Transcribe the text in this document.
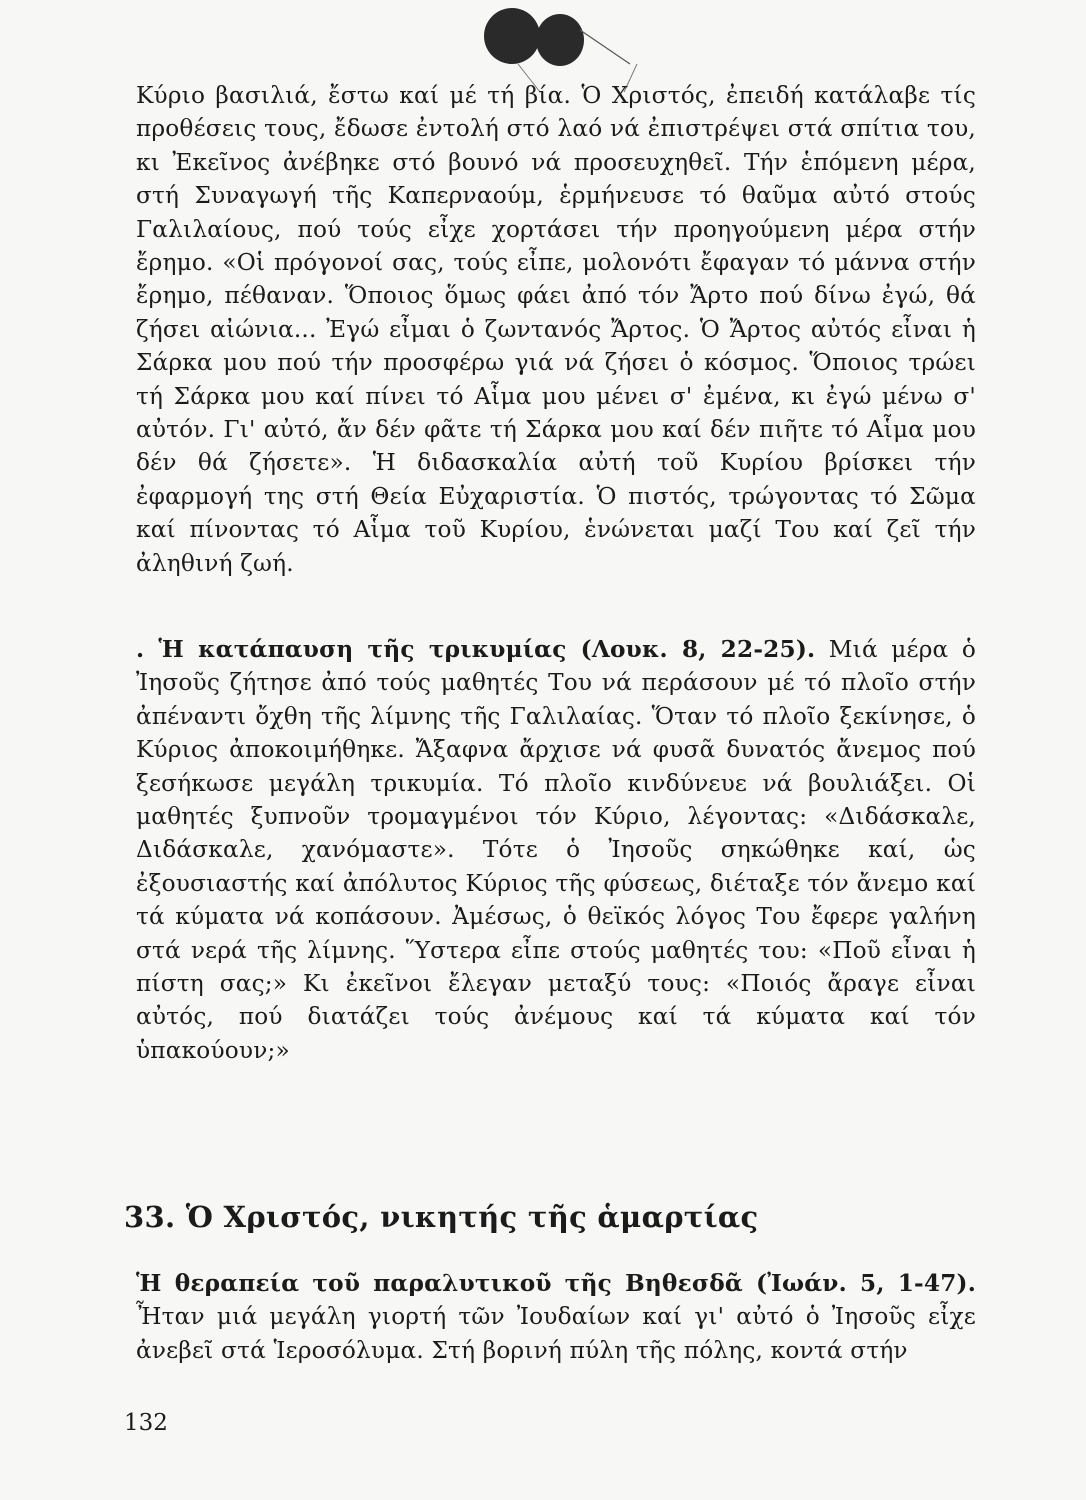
Κύριο βασιλιά, ἔστω καί μέ τή βία. Ὁ Χριστός, ἐπειδή κατάλαβε τίς προθέσεις τους, ἔδωσε ἐντολή στό λαό νά ἐπιστρέψει στά σπίτια του, κι Ἐκεῖνος ἀνέβηκε στό βουνό νά προσευχηθεῖ. Τήν ἑπόμενη μέρα, στή Συναγωγή τῆς Καπερναούμ, ἑρμήνευσε τό θαῦμα αὐτό στούς Γαλιλαίους, πού τούς εἶχε χορτάσει τήν προηγούμενη μέρα στήν ἔρημο. «Οἱ πρόγονοί σας, τούς εἶπε, μολονότι ἔφαγαν τό μάννα στήν ἔρημο, πέθαναν. Ὅποιος ὅμως φάει ἀπό τόν Ἄρτο πού δίνω ἐγώ, θά ζήσει αἰώνια... Ἐγώ εἶμαι ὁ ζωντανός Ἄρτος. Ὁ Ἄρτος αὐτός εἶναι ἡ Σάρκα μου πού τήν προσφέρω γιά νά ζήσει ὁ κόσμος. Ὅποιος τρώει τή Σάρκα μου καί πίνει τό Αἷμα μου μένει σ' ἐμένα, κι ἐγώ μένω σ' αὐτόν. Γι' αὐτό, ἄν δέν φᾶτε τή Σάρκα μου καί δέν πιῆτε τό Αἷμα μου δέν θά ζήσετε». Ἡ διδασκαλία αὐτή τοῦ Κυρίου βρίσκει τήν ἐφαρμογή της στή Θεία Εὐχαριστία. Ὁ πιστός, τρώγοντας τό Σῶμα καί πίνοντας τό Αἷμα τοῦ Κυρίου, ἑνώνεται μαζί Του καί ζεῖ τήν ἀληθινή ζωή.

. Ἡ κατάπαυση τῆς τρικυμίας (Λουκ. 8, 22-25). Μιά μέρα ὁ Ἰησοῦς ζήτησε ἀπό τούς μαθητές Του νά περάσουν μέ τό πλοῖο στήν ἀπέναντι ὄχθη τῆς λίμνης τῆς Γαλιλαίας. Ὅταν τό πλοῖο ξεκίνησε, ὁ Κύριος ἀποκοιμήθηκε. Ἄξαφνα ἄρχισε νά φυσᾶ δυνατός ἄνεμος πού ξεσήκωσε μεγάλη τρικυμία. Τό πλοῖο κινδύνευε νά βουλιάξει. Οἱ μαθητές ξυπνοῦν τρομαγμένοι τόν Κύριο, λέγοντας: «Διδάσκαλε, Διδάσκαλε, χανόμαστε». Τότε ὁ Ἰησοῦς σηκώθηκε καί, ὡς ἐξουσιαστής καί ἀπόλυτος Κύριος τῆς φύσεως, διέταξε τόν ἄνεμο καί τά κύματα νά κοπάσουν. Ἀμέσως, ὁ θεϊκός λόγος Του ἔφερε γαλήνη στά νερά τῆς λίμνης. Ὕστερα εἶπε στούς μαθητές του: «Ποῦ εἶναι ἡ πίστη σας;» Κι ἐκεῖνοι ἔλεγαν μεταξύ τους: «Ποιός ἄραγε εἶναι αὐτός, πού διατάζει τούς ἀνέμους καί τά κύματα καί τόν ὑπακούουν;»

33. Ὁ Χριστός, νικητής τῆς ἁμαρτίας

Ἡ θεραπεία τοῦ παραλυτικοῦ τῆς Βηθεσδᾶ (Ἰωάν. 5, 1-47). Ἦταν μιά μεγάλη γιορτή τῶν Ἰουδαίων καί γι' αὐτό ὁ Ἰησοῦς εἶχε ἀνεβεῖ στά Ἱεροσόλυμα. Στή βορινή πύλη τῆς πόλης, κοντά στήν

132
